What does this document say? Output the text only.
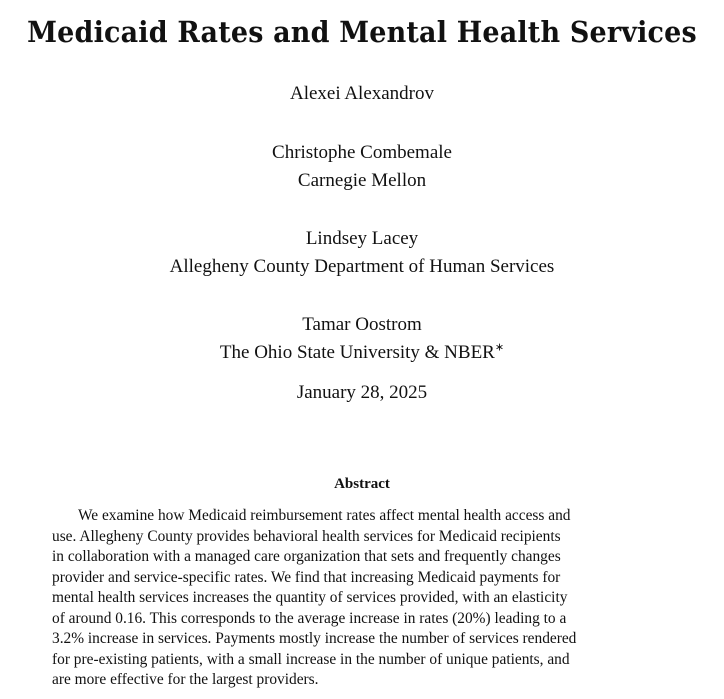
Medicaid Rates and Mental Health Services
Alexei Alexandrov
Christophe Combemale
Carnegie Mellon
Lindsey Lacey
Allegheny County Department of Human Services
Tamar Oostrom
The Ohio State University & NBER∗
January 28, 2025
Abstract
We examine how Medicaid reimbursement rates affect mental health access and
use. Allegheny County provides behavioral health services for Medicaid recipients
in collaboration with a managed care organization that sets and frequently changes
provider and service-specific rates. We find that increasing Medicaid payments for
mental health services increases the quantity of services provided, with an elasticity
of around 0.16. This corresponds to the average increase in rates (20%) leading to a
3.2% increase in services. Payments mostly increase the number of services rendered
for pre-existing patients, with a small increase in the number of unique patients, and
are more effective for the largest providers.
